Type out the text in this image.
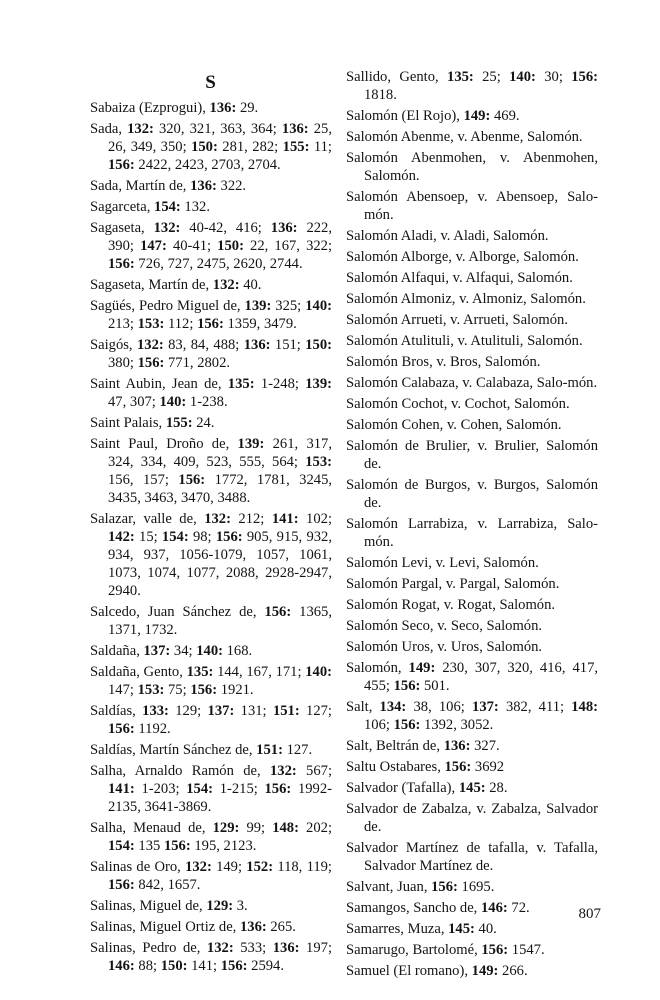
S
Sabaiza (Ezprogui), 136: 29.
Sada, 132: 320, 321, 363, 364; 136: 25, 26, 349, 350; 150: 281, 282; 155: 11; 156: 2422, 2423, 2703, 2704.
Sada, Martín de, 136: 322.
Sagarceta, 154: 132.
Sagaseta, 132: 40-42, 416; 136: 222, 390; 147: 40-41; 150: 22, 167, 322; 156: 726, 727, 2475, 2620, 2744.
Sagaseta, Martín de, 132: 40.
Sagüés, Pedro Miguel de, 139: 325; 140: 213; 153: 112; 156: 1359, 3479.
Saigós, 132: 83, 84, 488; 136: 151; 150: 380; 156: 771, 2802.
Saint Aubin, Jean de, 135: 1-248; 139: 47, 307; 140: 1-238.
Saint Palais, 155: 24.
Saint Paul, Droño de, 139: 261, 317, 324, 334, 409, 523, 555, 564; 153: 156, 157; 156: 1772, 1781, 3245, 3435, 3463, 3470, 3488.
Salazar, valle de, 132: 212; 141: 102; 142: 15; 154: 98; 156: 905, 915, 932, 934, 937, 1056-1079, 1057, 1061, 1073, 1074, 1077, 2088, 2928-2947, 2940.
Salcedo, Juan Sánchez de, 156: 1365, 1371, 1732.
Saldaña, 137: 34; 140: 168.
Saldaña, Gento, 135: 144, 167, 171; 140: 147; 153: 75; 156: 1921.
Saldías, 133: 129; 137: 131; 151: 127; 156: 1192.
Saldías, Martín Sánchez de, 151: 127.
Salha, Arnaldo Ramón de, 132: 567; 141: 1-203; 154: 1-215; 156: 1992-2135, 3641-3869.
Salha, Menaud de, 129: 99; 148: 202; 154: 135 156: 195, 2123.
Salinas de Oro, 132: 149; 152: 118, 119; 156: 842, 1657.
Salinas, Miguel de, 129: 3.
Salinas, Miguel Ortiz de, 136: 265.
Salinas, Pedro de, 132: 533; 136: 197; 146: 88; 150: 141; 156: 2594.
Sallido, Gento, 135: 25; 140: 30; 156: 1818.
Salomón (El Rojo), 149: 469.
Salomón Abenme, v. Abenme, Salomón.
Salomón Abenmohen, v. Abenmohen, Salomón.
Salomón Abensoep, v. Abensoep, Salo-món.
Salomón Aladi, v. Aladi, Salomón.
Salomón Alborge, v. Alborge, Salomón.
Salomón Alfaqui, v. Alfaqui, Salomón.
Salomón Almoniz, v. Almoniz, Salomón.
Salomón Arrueti, v. Arrueti, Salomón.
Salomón Atulituli, v. Atulituli, Salomón.
Salomón Bros, v. Bros, Salomón.
Salomón Calabaza, v. Calabaza, Salo-món.
Salomón Cochot, v. Cochot, Salomón.
Salomón Cohen, v. Cohen, Salomón.
Salomón de Brulier, v. Brulier, Salomón de.
Salomón de Burgos, v. Burgos, Salomón de.
Salomón Larrabiza, v. Larrabiza, Salo-món.
Salomón Levi, v. Levi, Salomón.
Salomón Pargal, v. Pargal, Salomón.
Salomón Rogat, v. Rogat, Salomón.
Salomón Seco, v. Seco, Salomón.
Salomón Uros, v. Uros, Salomón.
Salomón, 149: 230, 307, 320, 416, 417, 455; 156: 501.
Salt, 134: 38, 106; 137: 382, 411; 148: 106; 156: 1392, 3052.
Salt, Beltrán de, 136: 327.
Saltu Ostabares, 156: 3692
Salvador (Tafalla), 145: 28.
Salvador de Zabalza, v. Zabalza, Salvador de.
Salvador Martínez de tafalla, v. Tafalla, Salvador Martínez de.
Salvant, Juan, 156: 1695.
Samangos, Sancho de, 146: 72.
Samarres, Muza, 145: 40.
Samarugo, Bartolomé, 156: 1547.
Samuel (El romano), 149: 266.
807
